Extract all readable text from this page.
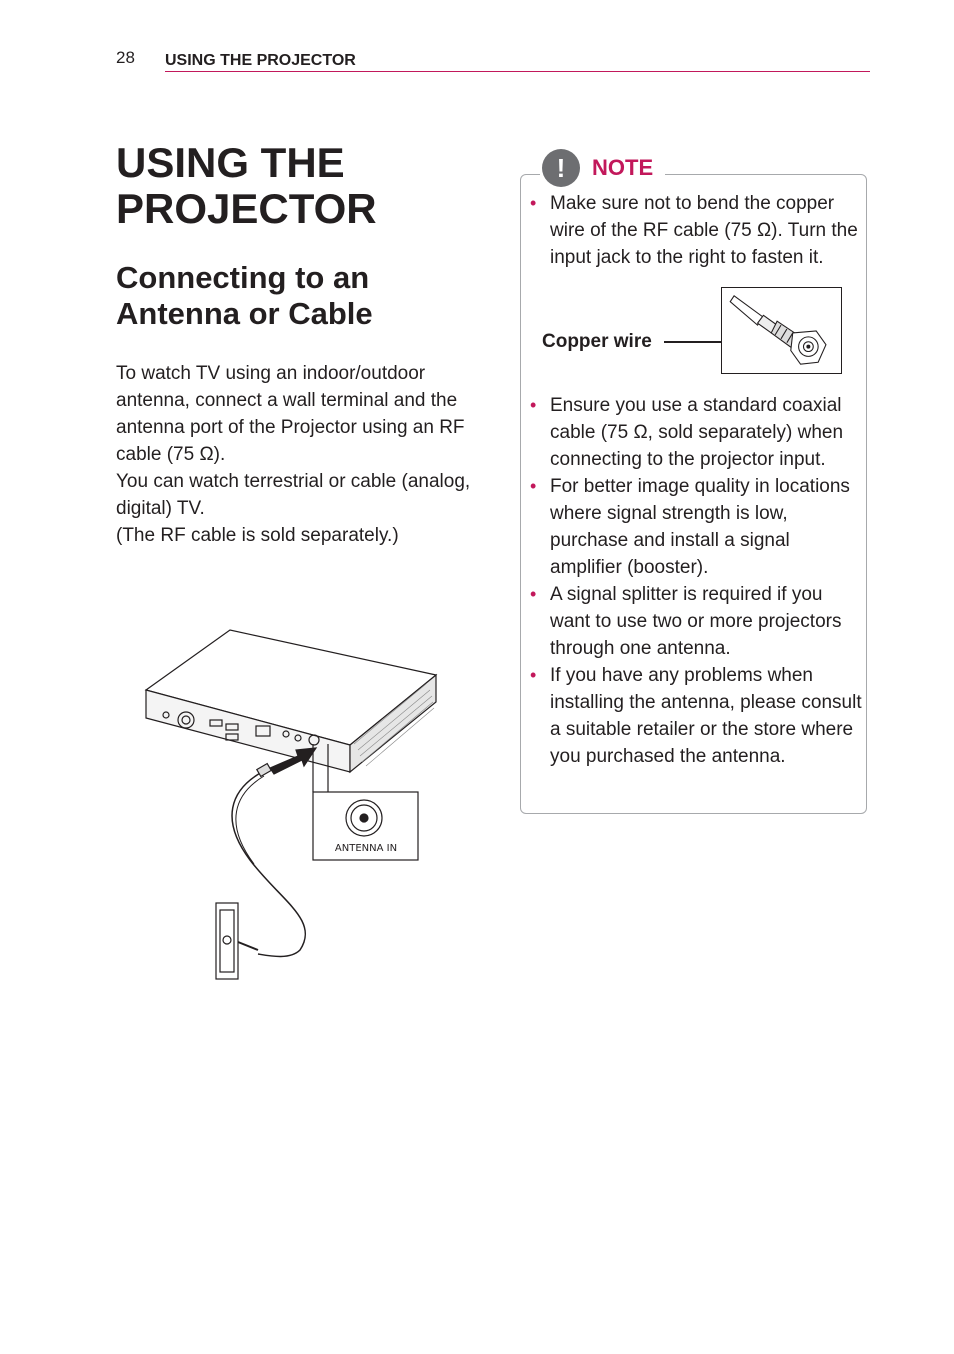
28 USING THE PROJECTOR
USING THE PROJECTOR
Connecting to an Antenna or Cable

To watch TV using an indoor/outdoor antenna, connect a wall terminal and the antenna port of the Projector using an RF cable (75 Ω).

You can watch terrestrial or cable (analog, digital) TV.

(The RF cable is sold separately.)

ANTENNA IN
!	NOTE
• Make sure not to bend the copper wire of the RF cable (75 Ω). Turn the input jack to the right to fasten it.
Copper wire
• Ensure you use a standard coaxial cable (75 Ω, sold separately) when connecting to the projector input.
• For better image quality in locations where signal strength is low, purchase and install a signal amplifier (booster).
• A signal splitter is required if you want to use two or more projectors through one antenna.
• If you have any problems when installing the antenna, please consult a suitable retailer or the store where you purchased the antenna.
